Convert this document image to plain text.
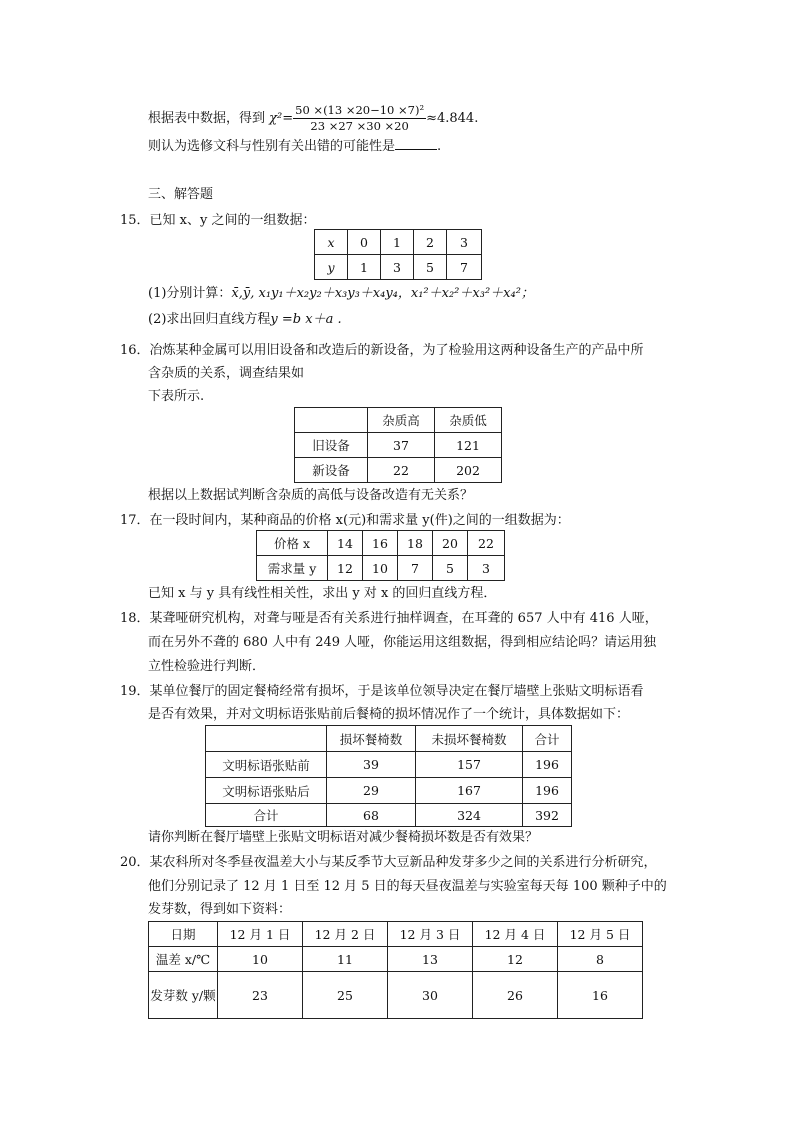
根据表中数据，得到 $\chi^2= \frac{\text{50 ×(13 ×20−10 ×7)²}}{23 \times 27 \times 30 \times 20} \approx 4.844$.
则认为选修文科与性别有关出错的可能性是	.
三、解答题
15．已知 x、y 之间的一组数据：
x	0	1	2	3
y	1	3	5	7
(1)分别计算：x̄,ȳ, x₁y₁＋x₂y₂＋x₃y₃＋x₄y₄，x₁²＋x₂²＋x₃²＋x₄²；
(2)求出回归直线方程y =b x＋a .
16．冶炼某种金属可以用旧设备和改造后的新设备，为了检验用这两种设备生产的产品中所
含杂质的关系，调查结果如
下表所示.
	杂质高	杂质低
旧设备	37	121
新设备	22	202
根据以上数据试判断含杂质的高低与设备改造有无关系？
17．在一段时间内，某种商品的价格 x(元)和需求量 y(件)之间的一组数据为：
价格 x	14	16	18	20	22
需求量 y	12	10	7	5	3
已知 x 与 y 具有线性相关性，求出 y 对 x 的回归直线方程．
18．某聋哑研究机构，对聋与哑是否有关系进行抽样调查，在耳聋的 657 人中有 416 人哑，
而在另外不聋的 680 人中有 249 人哑，你能运用这组数据，得到相应结论吗？请运用独
立性检验进行判断．
19．某单位餐厅的固定餐椅经常有损坏，于是该单位领导决定在餐厅墙壁上张贴文明标语看
是否有效果，并对文明标语张贴前后餐椅的损坏情况作了一个统计，具体数据如下：
	损坏餐椅数	未损坏餐椅数	合计
文明标语张贴前	39	157	196
文明标语张贴后	29	167	196
合计	68	324	392
请你判断在餐厅墙壁上张贴文明标语对减少餐椅损坏数是否有效果？
20．某农科所对冬季昼夜温差大小与某反季节大豆新品种发芽多少之间的关系进行分析研究，
他们分别记录了 12 月 1 日至 12 月 5 日的每天昼夜温差与实验室每天每 100 颗种子中的
发芽数，得到如下资料：
日期	12 月 1 日	12 月 2 日	12 月 3 日	12 月 4 日	12 月 5 日
温差 x/℃	10	11	13	12	8
发芽数 y/颗	23	25	30	26	16
